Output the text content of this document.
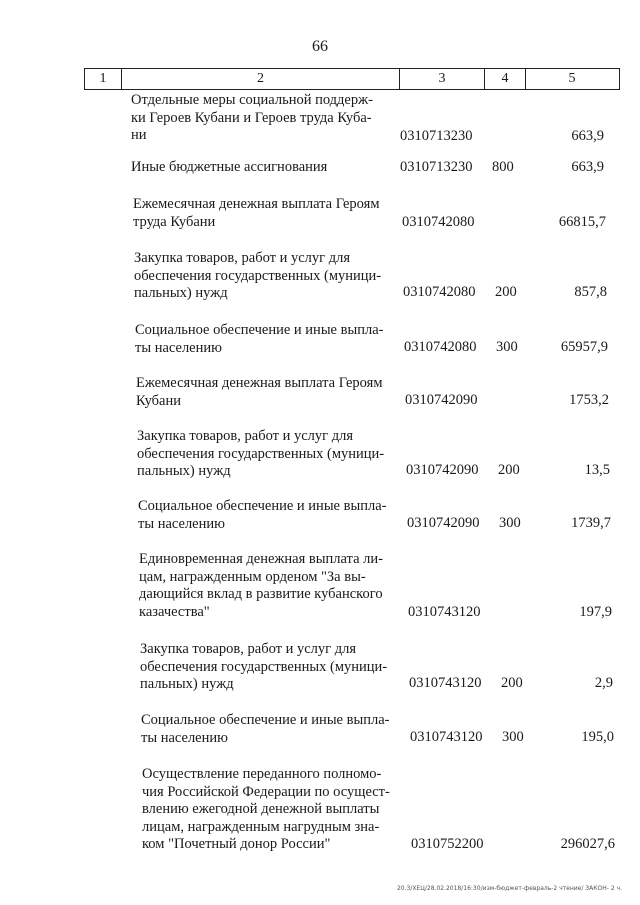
66
1	2	3	4	5
Отдельные меры социальной поддерж-
ки Героев Кубани и Героев труда Куба-
ни	0310713230	663,9
Иные бюджетные ассигнования	0310713230 800	663,9
Ежемесячная денежная выплата Героям
труда Кубани	0310742080	66815,7
Закупка товаров, работ и услуг для
обеспечения государственных (муници-
пальных) нужд	0310742080 200	857,8
Социальное обеспечение и иные выпла-
ты населению	0310742080 300	65957,9
Ежемесячная денежная выплата Героям
Кубани	0310742090	1753,2
Закупка товаров, работ и услуг для
обеспечения государственных (муници-
пальных) нужд	0310742090 200	13,5
Социальное обеспечение и иные выпла-
ты населению	0310742090 300	1739,7
Единовременная денежная выплата ли-
цам, награжденным орденом "За вы-
дающийся вклад в развитие кубанского
казачества"	0310743120	197,9
Закупка товаров, работ и услуг для
обеспечения государственных (муници-
пальных) нужд	0310743120 200	2,9
Социальное обеспечение и иные выпла-
ты населению	0310743120 300	195,0
Осуществление переданного полномо-
чия Российской Федерации по осущест-
влению ежегодной денежной выплаты
лицам, награжденным нагрудным зна-
ком "Почетный донор России"	0310752200	296027,6
20.3/ХЕЦ/28.02.2018/16:30/изм-бюджет-февраль-2 чтение/ ЗАКОН- 2 ч.
